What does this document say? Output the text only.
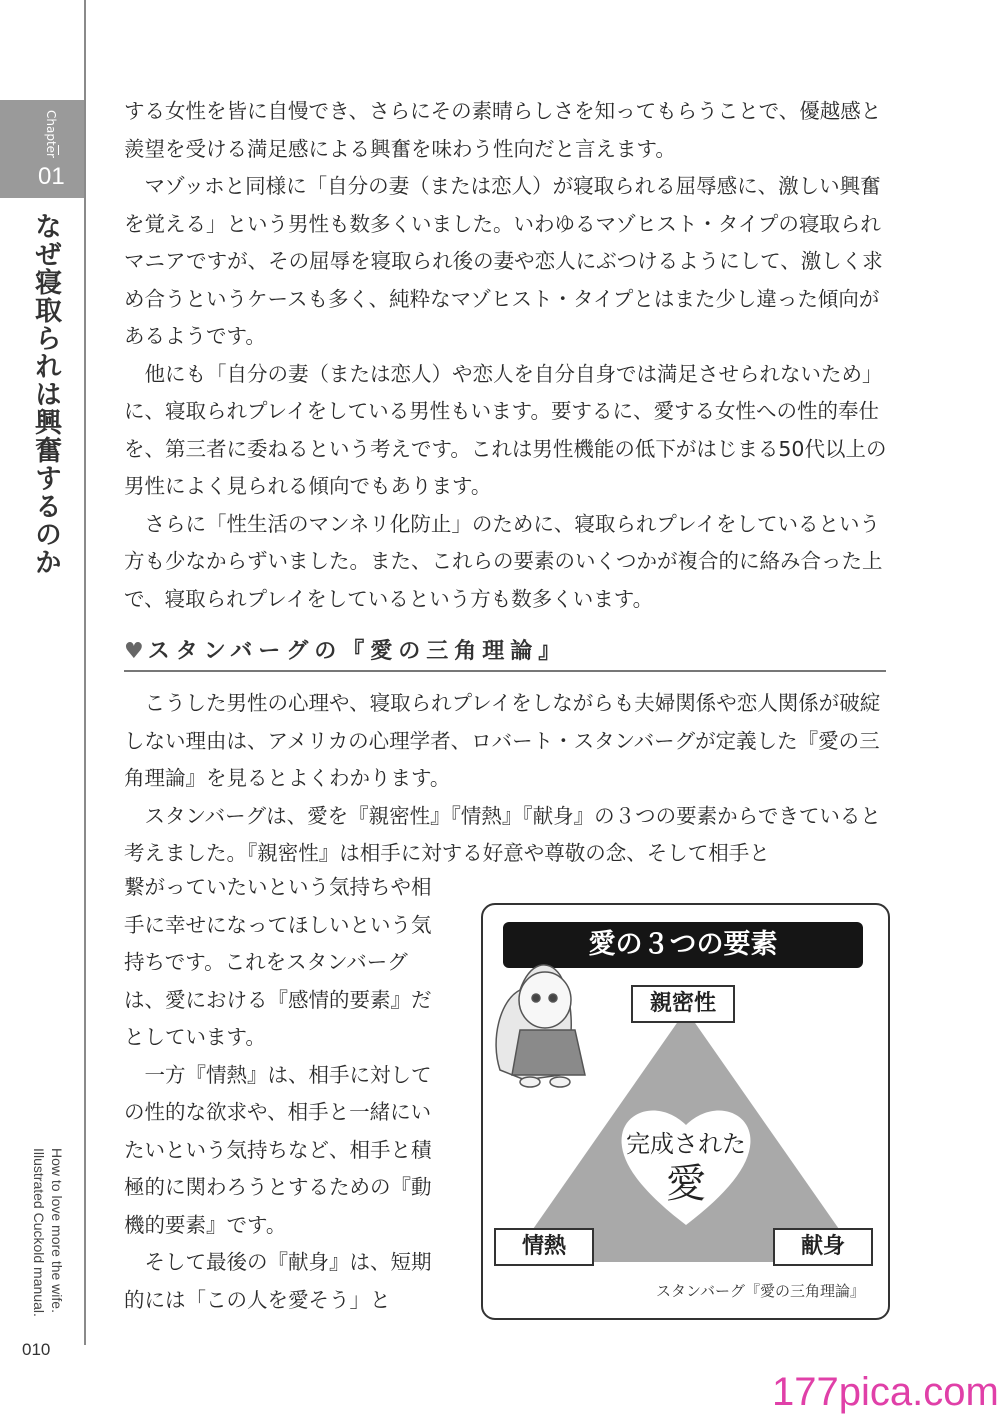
Chapter
01
なぜ寝取られは興奮するのか
How to love more the wife.
Illustrated Cuckold manual.
010

する女性を皆に自慢でき、さらにその素晴らしさを知ってもらうことで、優越感と羨望を受ける満足感による興奮を味わう性向だと言えます。

マゾッホと同様に「自分の妻（または恋人）が寝取られる屈辱感に、激しい興奮を覚える」という男性も数多くいました。いわゆるマゾヒスト・タイプの寝取られマニアですが、その屈辱を寝取られ後の妻や恋人にぶつけるようにして、激しく求め合うというケースも多く、純粋なマゾヒスト・タイプとはまた少し違った傾向があるようです。

他にも「自分の妻（または恋人）や恋人を自分自身では満足させられないため」に、寝取られプレイをしている男性もいます。要するに、愛する女性への性的奉仕を、第三者に委ねるという考えです。これは男性機能の低下がはじまる50代以上の男性によく見られる傾向でもあります。

さらに「性生活のマンネリ化防止」のために、寝取られプレイをしているという方も少なからずいました。また、これらの要素のいくつかが複合的に絡み合った上で、寝取られプレイをしているという方も数多くいます。

♥ スタンバーグの『愛の三角理論』

こうした男性の心理や、寝取られプレイをしながらも夫婦関係や恋人関係が破綻しない理由は、アメリカの心理学者、ロバート・スタンバーグが定義した『愛の三角理論』を見るとよくわかります。

スタンバーグは、愛を『親密性』『情熱』『献身』の３つの要素からできていると考えました。『親密性』は相手に対する好意や尊敬の念、そして相手と

繋がっていたいという気持ちや相手に幸せになってほしいという気持ちです。これをスタンバーグは、愛における『感情的要素』だとしています。

一方『情熱』は、相手に対しての性的な欲求や、相手と一緒にいたいという気持ちなど、相手と積極的に関わろうとするための『動機的要素』です。

そして最後の『献身』は、短期的には「この人を愛そう」と

愛の３つの要素
親密性
情熱	献身
完成された
愛
スタンバーグ『愛の三角理論』
177pica.com
